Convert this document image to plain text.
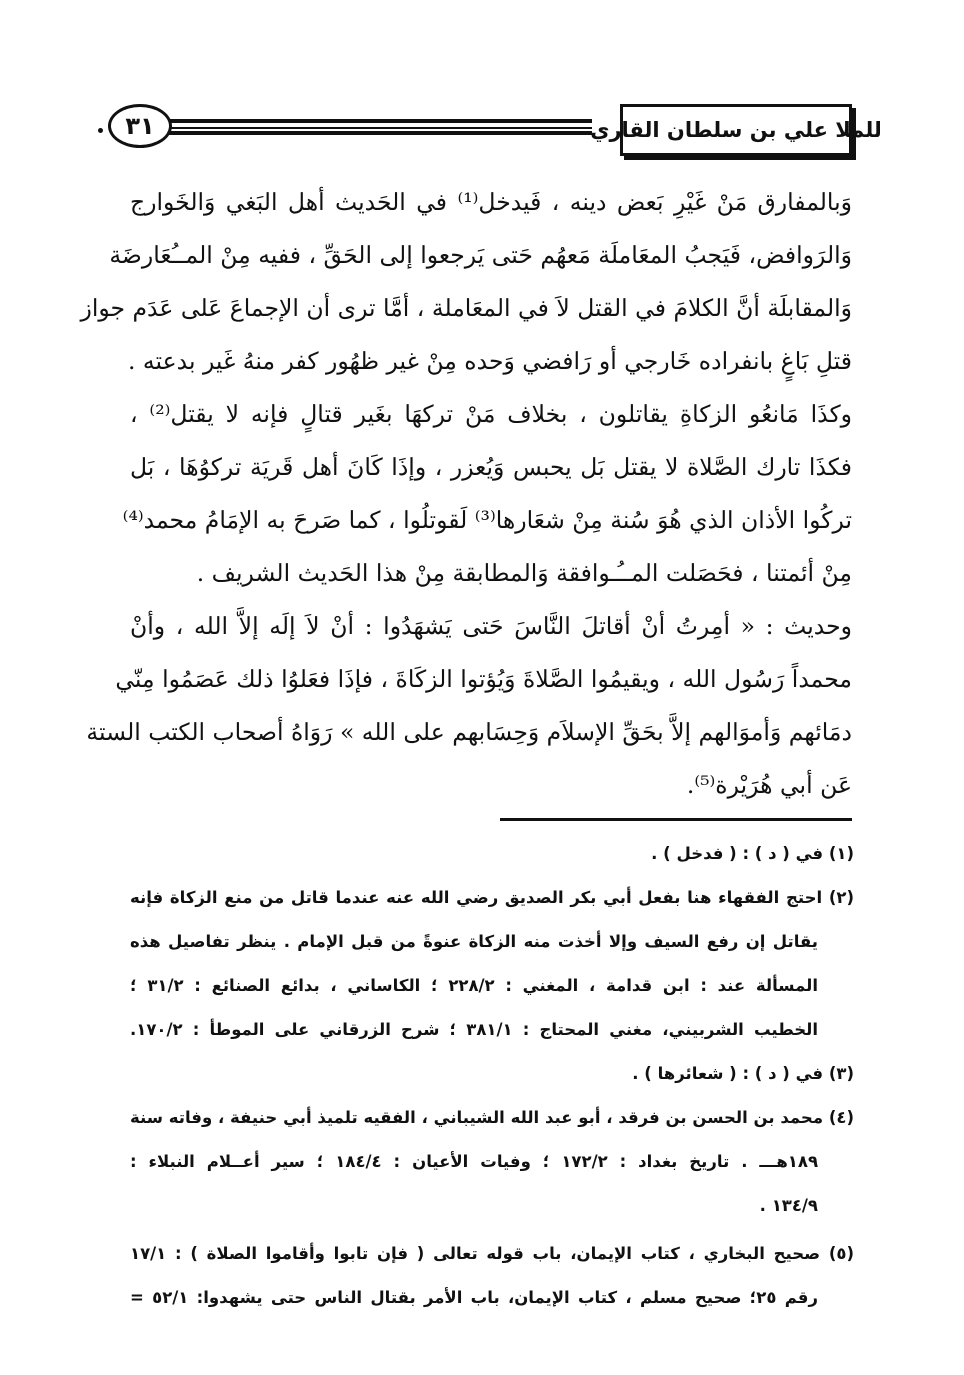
للملا علي بن سلطان القاري
٣١
وَبالمفارق مَنْ غَيْرِ بَعض دينه ، فَيدخل⁽¹⁾ في الحَديث أهل البَغي وَالخَوارج
وَالرَوافض، فَيَجبُ المعَاملَة مَعهُم حَتى يَرجعوا إلى الحَقِّ ، ففيه مِنْ المــُعَارضَة
وَالمقابلَة أنَّ الكلامَ في القتل لاَ في المعَاملة ، أمَّا ترى أن الإجماعَ عَلى عَدَم جواز
قتلِ بَاغٍ بانفراده خَارجي أو رَافضي وَحده مِنْ غير ظهُور كفر منهُ غَير بدعته .
وكذَا مَانعُو الزكاةِ يقاتلون ، بخلاف مَنْ تركهَا بغَير قتالٍ فإنه لا يقتل⁽²⁾ ،
فكذَا تارك الصَّلاة لا يقتل بَل يحبس وَيُعزر ، وإذَا كَانَ أهل قَريَة تركوُهَا ، بَل
تركُوا الأذان الذي هُوَ سُنة مِنْ شعَارها⁽³⁾ لَقوتلُوا ، كما صَرحَ به الإمَامُ محمد⁽⁴⁾
مِنْ أئمتنا ، فحَصَلت المــُـوافقة وَالمطابقة مِنْ هذا الحَديث الشريف .
وحديث : « أمِرتُ أنْ أقاتلَ النَّاسَ حَتى يَشهَدُوا : أنْ لاَ إلَه إلاَّ الله ، وأنْ
محمداً رَسُول الله ، ويقيمُوا الصَّلاةَ وَيُؤتوا الزكَاةَ ، فإذَا فعَلوُا ذلك عَصَمُوا مِنّي
دمَائهم وَأموَالهم إلاَّ بحَقِّ الإسلاَم وَحِسَابهم على الله » رَوَاهُ أصحاب الكتب الستة
عَن أبي هُرَيْرة⁽⁵⁾.
(١) في ( د ) : ( فدخل ) .
(٢) احتج الفقهاء هنا بفعل أبي بكر الصديق رضي الله عنه عندما قاتل من منع الزكاة فإنه
يقاتل إن رفع السيف وإلا أخذت منه الزكاة عنوةً من قبل الإمام . ينظر تفاصيل هذه
المسألة عند : ابن قدامة ، المغني : ٢٢٨/٢ ؛ الكاساني ، بدائع الصنائع : ٣١/٢ ؛
الخطيب الشربيني، مغني المحتاج : ٣٨١/١ ؛ شرح الزرقاني على الموطأ : ١٧٠/٢.
(٣) في ( د ) : ( شعائرها ) .
(٤) محمد بن الحسن بن فرقد ، أبو عبد الله الشيباني ، الفقيه تلميذ أبي حنيفة ، وفاته سنة
١٨٩هـــ . تاريخ بغداد : ١٧٢/٢ ؛ وفيات الأعيان : ١٨٤/٤ ؛ سير أعــلام النبلاء :
١٣٤/٩ .
(٥) صحيح البخاري ، كتاب الإيمان، باب قوله تعالى ( فإن تابوا وأقاموا الصلاة ) : ١٧/١
رقم ٢٥؛ صحيح مسلم ، كتاب الإيمان، باب الأمر بقتال الناس حتى يشهدوا: ٥٢/١ =
